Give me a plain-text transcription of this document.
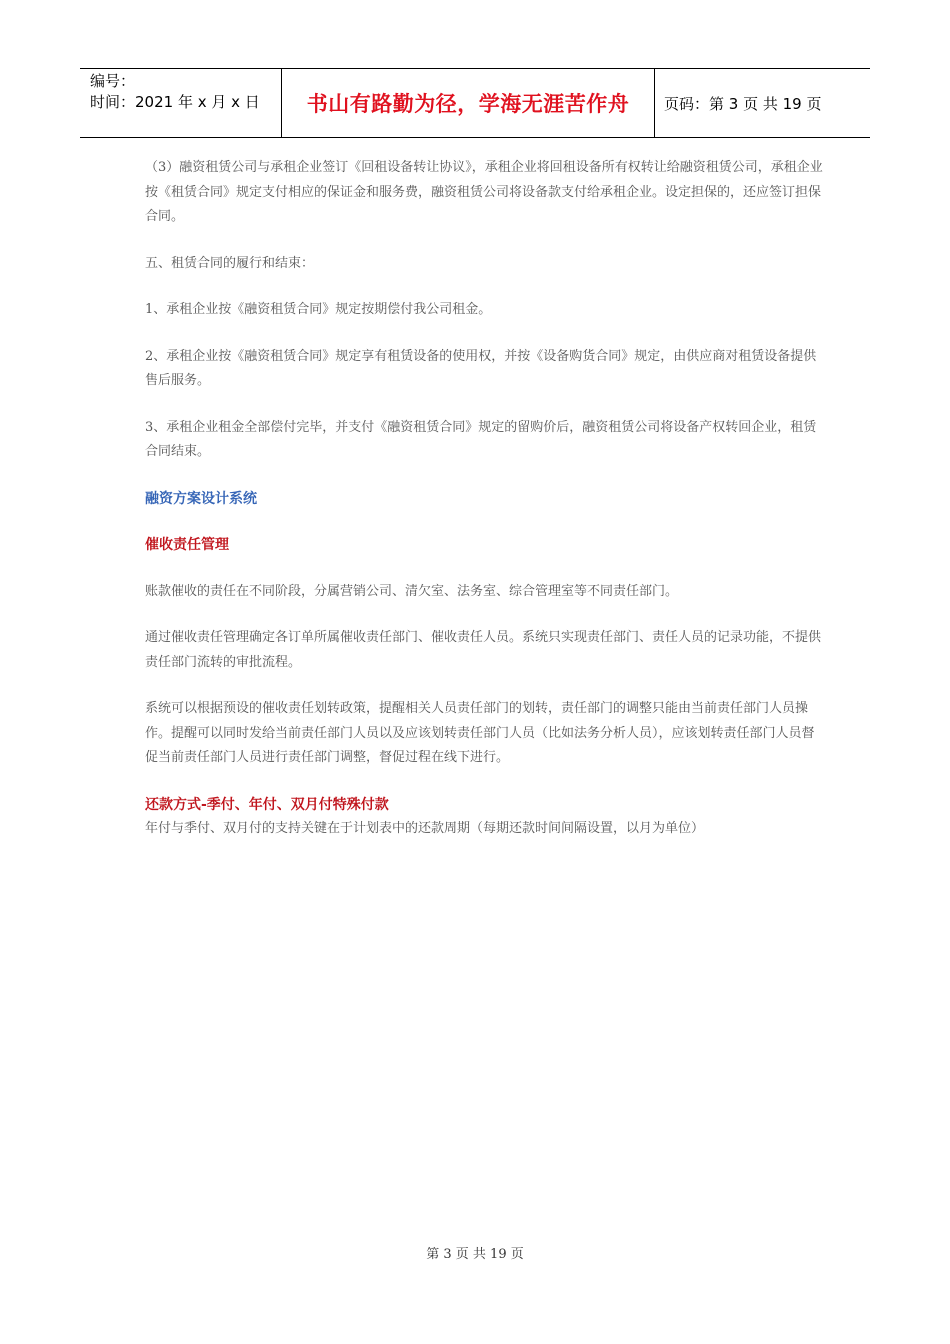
编号：
时间：2021 年 x 月 x 日	书山有路勤为径，学海无涯苦作舟	页码：第 3 页 共 19 页

（3）融资租赁公司与承租企业签订《回租设备转让协议》，承租企业将回租设备所有权转让给融资租赁公司，承租企业按《租赁合同》规定支付相应的保证金和服务费，融资租赁公司将设备款支付给承租企业。设定担保的，还应签订担保合同。

五、租赁合同的履行和结束：

1、承租企业按《融资租赁合同》规定按期偿付我公司租金。

2、承租企业按《融资租赁合同》规定享有租赁设备的使用权，并按《设备购货合同》规定，由供应商对租赁设备提供售后服务。

3、承租企业租金全部偿付完毕，并支付《融资租赁合同》规定的留购价后，融资租赁公司将设备产权转回企业，租赁合同结束。

融资方案设计系统

催收责任管理

账款催收的责任在不同阶段，分属营销公司、清欠室、法务室、综合管理室等不同责任部门。

通过催收责任管理确定各订单所属催收责任部门、催收责任人员。系统只实现责任部门、责任人员的记录功能，不提供责任部门流转的审批流程。

系统可以根据预设的催收责任划转政策，提醒相关人员责任部门的划转，责任部门的调整只能由当前责任部门人员操作。提醒可以同时发给当前责任部门人员以及应该划转责任部门人员（比如法务分析人员），应该划转责任部门人员督促当前责任部门人员进行责任部门调整，督促过程在线下进行。

还款方式-季付、年付、双月付特殊付款

年付与季付、双月付的支持关键在于计划表中的还款周期（每期还款时间间隔设置，以月为单位）

第 3 页 共 19 页
